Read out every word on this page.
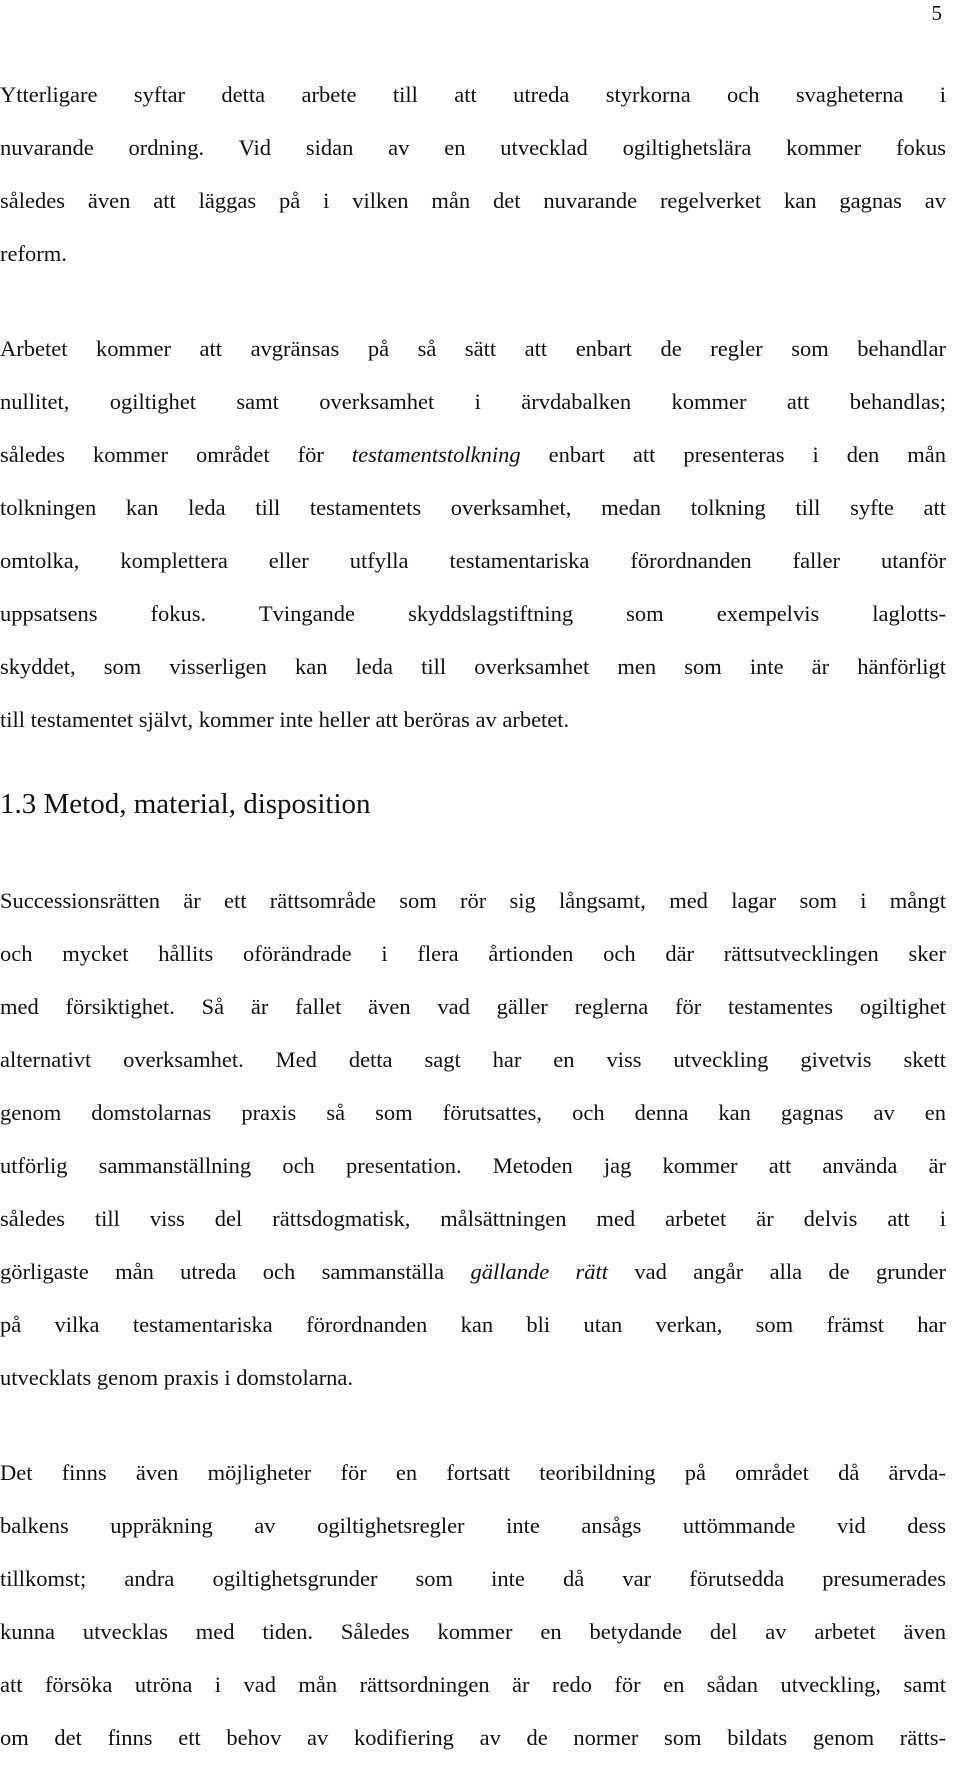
5

Ytterligare syftar detta arbete till att utreda styrkorna och svagheterna i
nuvarande ordning. Vid sidan av en utvecklad ogiltighetslära kommer fokus
således även att läggas på i vilken mån det nuvarande regelverket kan gagnas av
reform.

Arbetet kommer att avgränsas på så sätt att enbart de regler som behandlar
nullitet, ogiltighet samt overksamhet i ärvdabalken kommer att behandlas;
således kommer området för testamentstolkning enbart att presenteras i den mån
tolkningen kan leda till testamentets overksamhet, medan tolkning till syfte att
omtolka, komplettera eller utfylla testamentariska förordnanden faller utanför
uppsatsens fokus. Tvingande skyddslagstiftning som exempelvis laglotts-
skyddet, som visserligen kan leda till overksamhet men som inte är hänförligt
till testamentet självt, kommer inte heller att beröras av arbetet.

1.3 Metod, material, disposition

Successionsrätten är ett rättsområde som rör sig långsamt, med lagar som i mångt
och mycket hållits oförändrade i flera årtionden och där rättsutvecklingen sker
med försiktighet. Så är fallet även vad gäller reglerna för testamentes ogiltighet
alternativt overksamhet. Med detta sagt har en viss utveckling givetvis skett
genom domstolarnas praxis så som förutsattes, och denna kan gagnas av en
utförlig sammanställning och presentation. Metoden jag kommer att använda är
således till viss del rättsdogmatisk, målsättningen med arbetet är delvis att i
görligaste mån utreda och sammanställa gällande rätt vad angår alla de grunder
på vilka testamentariska förordnanden kan bli utan verkan, som främst har
utvecklats genom praxis i domstolarna.

Det finns även möjligheter för en fortsatt teoribildning på området då ärvda-
balkens uppräkning av ogiltighetsregler inte ansågs uttömmande vid dess
tillkomst; andra ogiltighetsgrunder som inte då var förutsedda presumerades
kunna utvecklas med tiden. Således kommer en betydande del av arbetet även
att försöka utröna i vad mån rättsordningen är redo för en sådan utveckling, samt
om det finns ett behov av kodifiering av de normer som bildats genom rätts-
